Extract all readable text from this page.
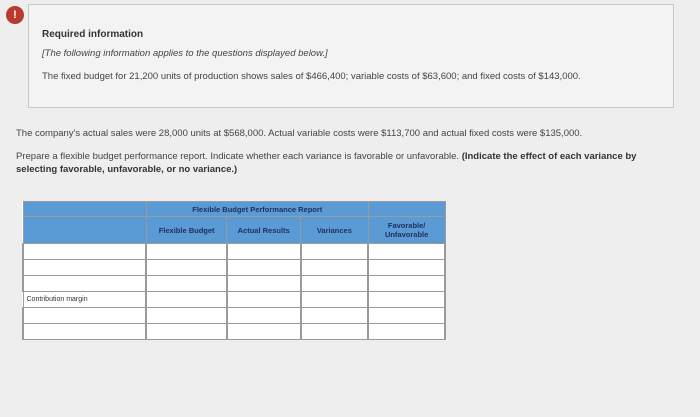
!
Required information
[The following information applies to the questions displayed below.]
The fixed budget for 21,200 units of production shows sales of $466,400; variable costs of $63,600; and fixed costs of $143,000.
The company's actual sales were 28,000 units at $568,000. Actual variable costs were $113,700 and actual fixed costs were $135,000.
Prepare a flexible budget performance report. Indicate whether each variance is favorable or unfavorable. (Indicate the effect of each variance by selecting favorable, unfavorable, or no variance.)
	Flexible Budget Performance Report			
	Flexible Budget	Actual Results	Variances	Favorable/ Unfavorable

Contribution margin				
